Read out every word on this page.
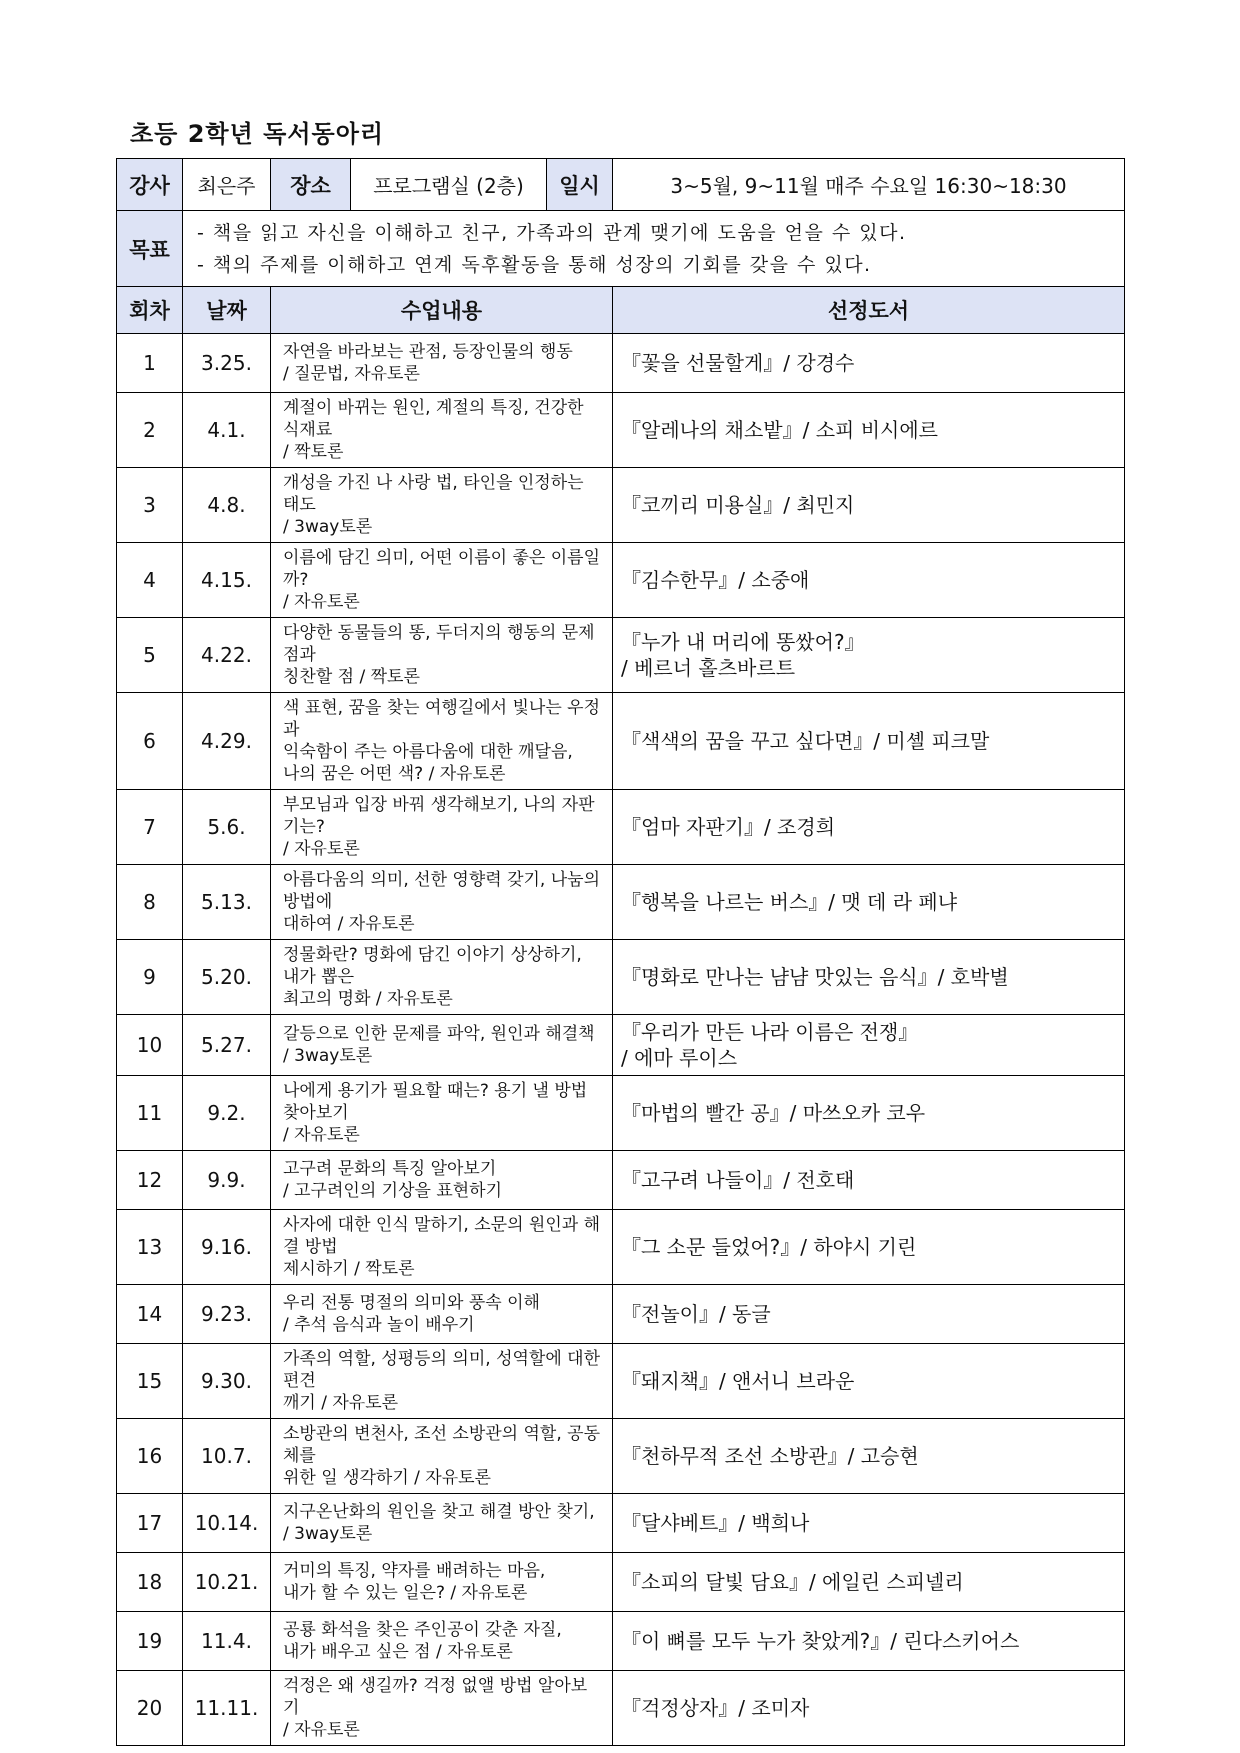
초등 2학년 독서동아리
강사	최은주	장소	프로그램실 (2층)	일시	3~5월, 9~11월 매주 수요일 16:30~18:30
목표	- 책을 읽고 자신을 이해하고 친구, 가족과의 관계 맺기에 도움을 얻을 수 있다.
- 책의 주제를 이해하고 연계 독후활동을 통해 성장의 기회를 갖을 수 있다.				

회차	날짜	수업내용			선정도서
1	3.25.	자연을 바라보는 관점, 등장인물의 행동
/ 질문법, 자유토론			『꽃을 선물할게』/ 강경수

2	4.1.	계절이 바뀌는 원인, 계절의 특징, 건강한 식재료
/ 짝토론			『알레나의 채소밭』/ 소피 비시에르

3	4.8.	개성을 가진 나 사랑 법, 타인을 인정하는 태도
/ 3way토론			『코끼리 미용실』/ 최민지

4	4.15.	이름에 담긴 의미, 어떤 이름이 좋은 이름일까?
/ 자유토론			『김수한무』/ 소중애

5	4.22.	다양한 동물들의 똥, 두더지의 행동의 문제점과
칭찬할 점 / 짝토론			『누가 내 머리에 똥쌌어?』
/ 베르너 홀츠바르트

6	4.29.	색 표현, 꿈을 찾는 여행길에서 빛나는 우정과
익숙함이 주는 아름다움에 대한 깨달음,
나의 꿈은 어떤 색? / 자유토론			『색색의 꿈을 꾸고 싶다면』/ 미셸 피크말

7	5.6.	부모님과 입장 바꿔 생각해보기, 나의 자판기는?
/ 자유토론			『엄마 자판기』/ 조경희

8	5.13.	아름다움의 의미, 선한 영향력 갖기, 나눔의 방법에
대하여 / 자유토론			『행복을 나르는 버스』/ 맷 데 라 페냐

9	5.20.	정물화란? 명화에 담긴 이야기 상상하기, 내가 뽑은
최고의 명화 / 자유토론			『명화로 만나는 냠냠 맛있는 음식』/ 호박별

10	5.27.	갈등으로 인한 문제를 파악, 원인과 해결책
/ 3way토론			『우리가 만든 나라 이름은 전쟁』
/ 에마 루이스

11	9.2.	나에게 용기가 필요할 때는? 용기 낼 방법 찾아보기
/ 자유토론			『마법의 빨간 공』/ 마쓰오카 코우

12	9.9.	고구려 문화의 특징 알아보기
/ 고구려인의 기상을 표현하기			『고구려 나들이』/ 전호태

13	9.16.	사자에 대한 인식 말하기, 소문의 원인과 해결 방법
제시하기 / 짝토론			『그 소문 들었어?』/ 하야시 기린

14	9.23.	우리 전통 명절의 의미와 풍속 이해
/ 추석 음식과 놀이 배우기			『전놀이』/ 동글

15	9.30.	가족의 역할, 성평등의 의미, 성역할에 대한 편견
깨기 / 자유토론			『돼지책』/ 앤서니 브라운

16	10.7.	소방관의 변천사, 조선 소방관의 역할, 공동체를
위한 일 생각하기 / 자유토론			『천하무적 조선 소방관』/ 고승현

17	10.14.	지구온난화의 원인을 찾고 해결 방안 찾기,
/ 3way토론			『달샤베트』/ 백희나

18	10.21.	거미의 특징, 약자를 배려하는 마음,
내가 할 수 있는 일은? / 자유토론			『소피의 달빛 담요』/ 에일린 스피넬리

19	11.4.	공룡 화석을 찾은 주인공이 갖춘 자질,
내가 배우고 싶은 점 / 자유토론			『이 뼈를 모두 누가 찾았게?』/ 린다스키어스

20	11.11.	걱정은 왜 생길까? 걱정 없앨 방법 알아보기
/ 자유토론			『걱정상자』/ 조미자
